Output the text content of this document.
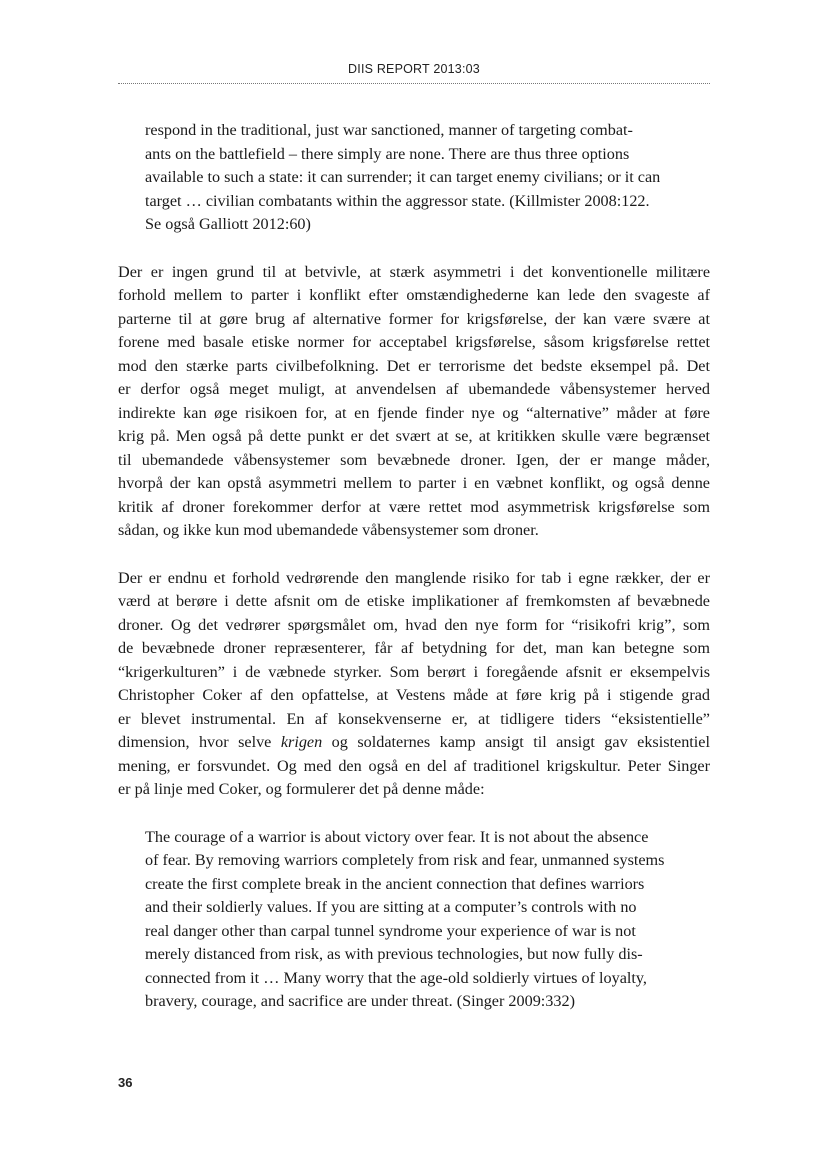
DIIS REPORT 2013:03
respond in the traditional, just war sanctioned, manner of targeting combat-
ants on the battlefield – there simply are none. There are thus three options
available to such a state: it can surrender; it can target enemy civilians; or it can
target … civilian combatants within the aggressor state. (Killmister 2008:122.
Se også Galliott 2012:60)
Der er ingen grund til at betvivle, at stærk asymmetri i det konventionelle militære
forhold mellem to parter i konflikt efter omstændighederne kan lede den svageste af
parterne til at gøre brug af alternative former for krigsførelse, der kan være svære at
forene med basale etiske normer for acceptabel krigsførelse, såsom krigsførelse rettet
mod den stærke parts civilbefolkning. Det er terrorisme det bedste eksempel på. Det
er derfor også meget muligt, at anvendelsen af ubemandede våbensystemer herved
indirekte kan øge risikoen for, at en fjende finder nye og “alternative” måder at føre
krig på. Men også på dette punkt er det svært at se, at kritikken skulle være begrænset
til ubemandede våbensystemer som bevæbnede droner. Igen, der er mange måder,
hvorpå der kan opstå asymmetri mellem to parter i en væbnet konflikt, og også denne
kritik af droner forekommer derfor at være rettet mod asymmetrisk krigsførelse som
sådan, og ikke kun mod ubemandede våbensystemer som droner.
Der er endnu et forhold vedrørende den manglende risiko for tab i egne rækker, der er
værd at berøre i dette afsnit om de etiske implikationer af fremkomsten af bevæbnede
droner. Og det vedrører spørgsmålet om, hvad den nye form for “risikofri krig”, som
de bevæbnede droner repræsenterer, får af betydning for det, man kan betegne som
“krigerkulturen” i de væbnede styrker. Som berørt i foregående afsnit er eksempelvis
Christopher Coker af den opfattelse, at Vestens måde at føre krig på i stigende grad
er blevet instrumental. En af konsekvenserne er, at tidligere tiders “eksistentielle”
dimension, hvor selve krigen og soldaternes kamp ansigt til ansigt gav eksistentiel
mening, er forsvundet. Og med den også en del af traditionel krigskultur. Peter Singer
er på linje med Coker, og formulerer det på denne måde:
The courage of a warrior is about victory over fear. It is not about the absence
of fear. By removing warriors completely from risk and fear, unmanned systems
create the first complete break in the ancient connection that defines warriors
and their soldierly values. If you are sitting at a computer’s controls with no
real danger other than carpal tunnel syndrome your experience of war is not
merely distanced from risk, as with previous technologies, but now fully dis-
connected from it … Many worry that the age-old soldierly virtues of loyalty,
bravery, courage, and sacrifice are under threat. (Singer 2009:332)
36
